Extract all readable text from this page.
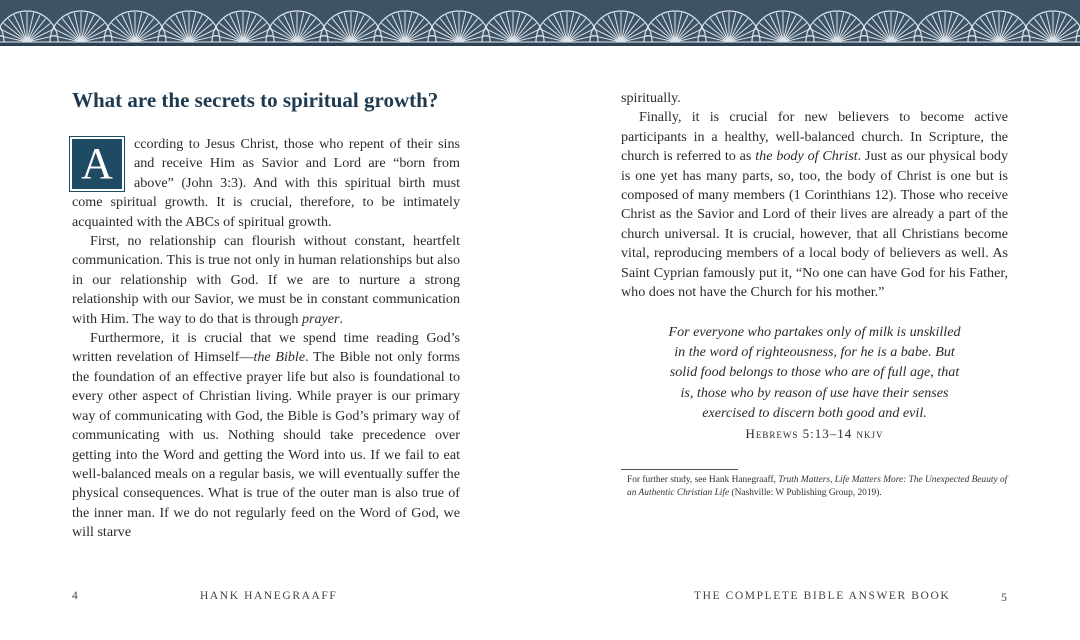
What are the secrets to spiritual growth?

A	ccording to Jesus Christ, those who repent of their sins and receive Him as Savior and Lord are “born from above” (John 3:3). And with this spiritual birth must come spiritual growth. It is crucial, therefore, to be intimately acquainted with the ABCs of spiritual growth.

First, no relationship can flourish without constant, heartfelt communication. This is true not only in human relationships but also in our relationship with God. If we are to nurture a strong relationship with our Savior, we must be in constant communication with Him. The way to do that is through prayer.

Furthermore, it is crucial that we spend time reading God’s written revelation of Himself—the Bible. The Bible not only forms the foundation of an effective prayer life but also is foundational to every other aspect of Christian living. While prayer is our primary way of communicating with God, the Bible is God’s primary way of communicating with us. Nothing should take precedence over getting into the Word and getting the Word into us. If we fail to eat well-balanced meals on a regular basis, we will eventually suffer the physical consequences. What is true of the outer man is also true of the inner man. If we do not regularly feed on the Word of God, we will starve

4	HANK HANEGRAAFF

spiritually.

Finally, it is crucial for new believers to become active participants in a healthy, well-balanced church. In Scripture, the church is referred to as the body of Christ. Just as our physical body is one yet has many parts, so, too, the body of Christ is one but is composed of many members (1 Corinthians 12). Those who receive Christ as the Savior and Lord of their lives are already a part of the church universal. It is crucial, however, that all Christians become vital, reproducing members of a local body of believers as well. As Saint Cyprian famously put it, “No one can have God for his Father, who does not have the Church for his mother.”

For everyone who partakes only of milk is unskilled
in the word of righteousness, for he is a babe. But
solid food belongs to those who are of full age, that
is, those who by reason of use have their senses
exercised to discern both good and evil.
Hebrews 5:13–14 nkjv
For further study, see Hank Hanegraaff, Truth Matters, Life Matters More: The Unexpected Beauty of an Authentic Christian Life (Nashville: W Publishing Group, 2019).
THE COMPLETE BIBLE ANSWER BOOK	5
